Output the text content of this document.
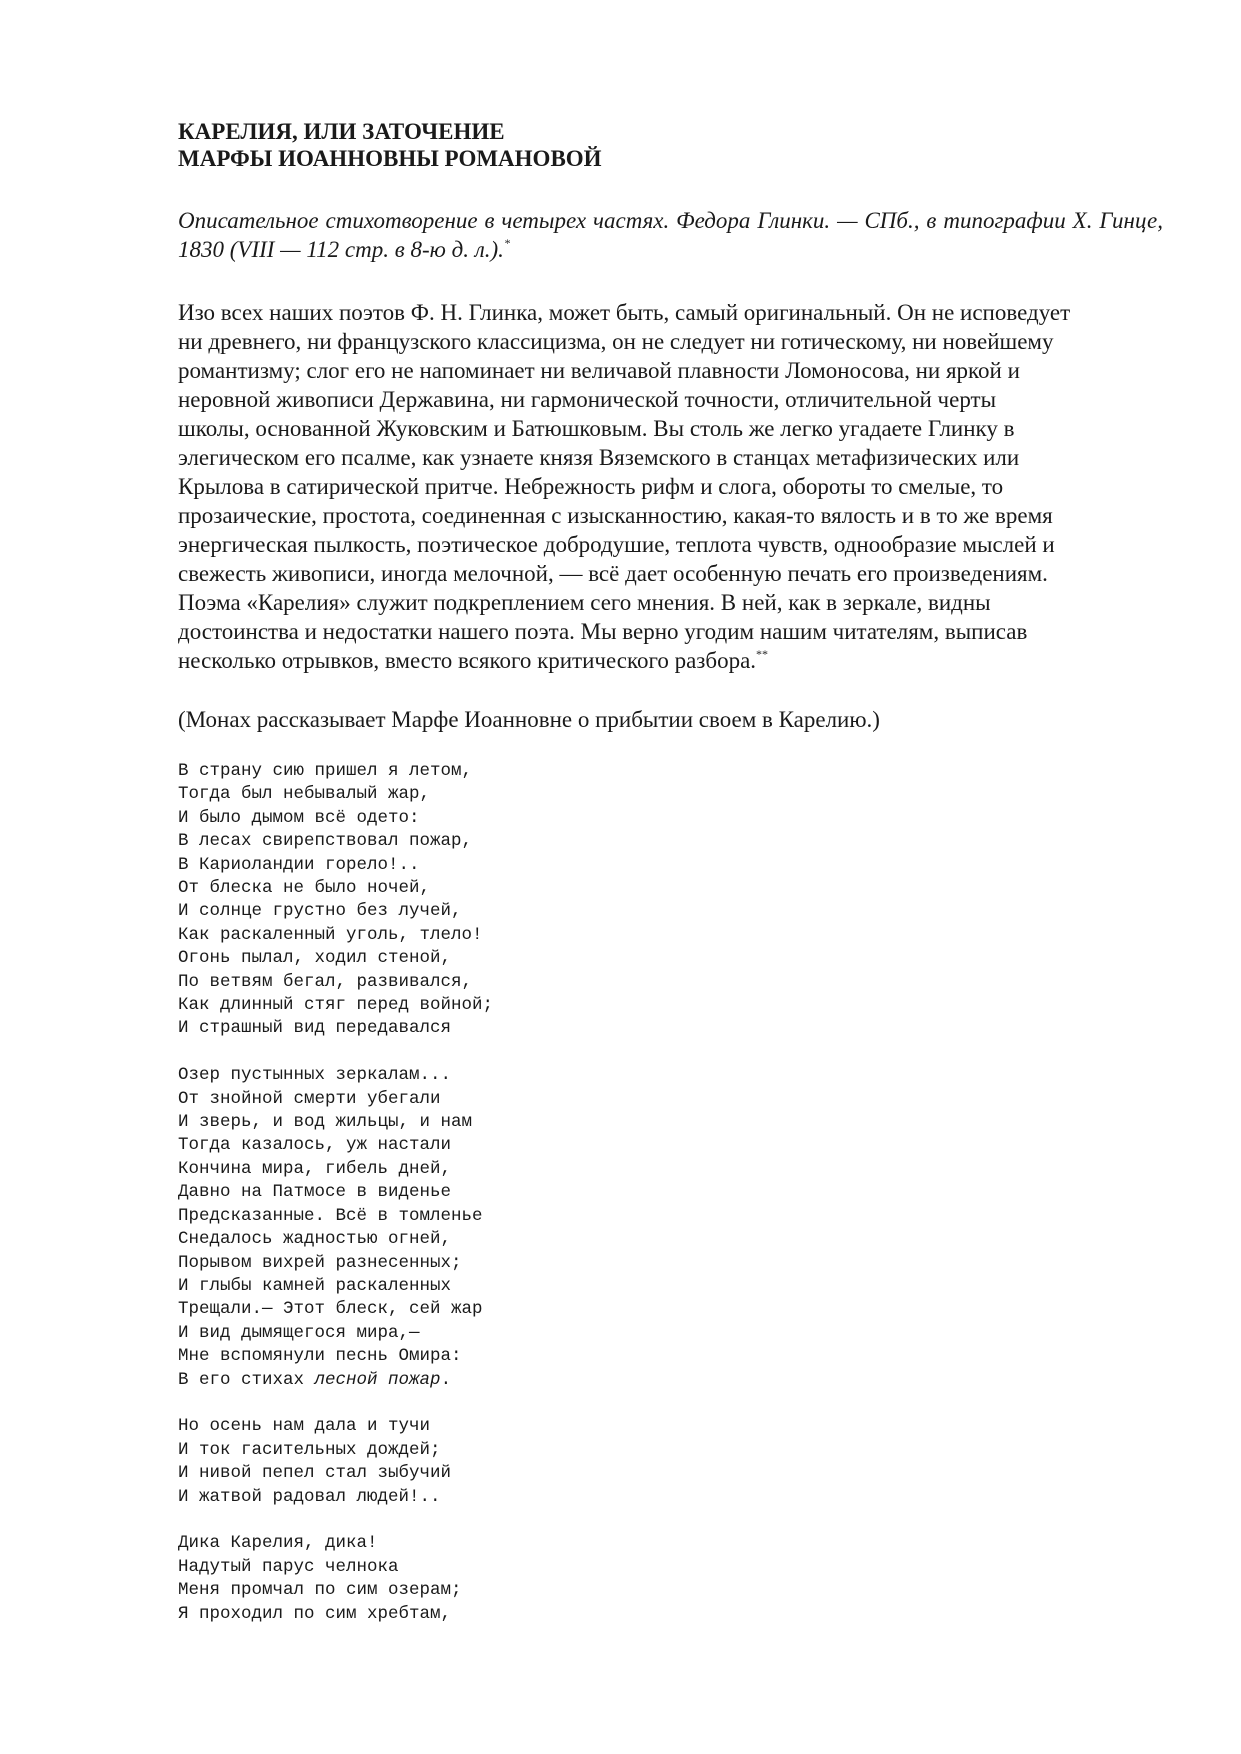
КАРЕЛИЯ, ИЛИ ЗАТОЧЕНИЕ
МАРФЫ ИОАННОВНЫ РОМАНОВОЙ

Описательное стихотворение в четырех частях. Федора Глинки. — СПб., в типографии Х. Гинце, 1830 (VIII — 112 стр. в 8-ю д. л.).*

Изо всех наших поэтов Ф. Н. Глинка, может быть, самый оригинальный. Он не исповедует
ни древнего, ни французского классицизма, он не следует ни готическому, ни новейшему
романтизму; слог его не напоминает ни величавой плавности Ломоносова, ни яркой и
неровной живописи Державина, ни гармонической точности, отличительной черты
школы, основанной Жуковским и Батюшковым. Вы столь же легко угадаете Глинку в
элегическом его псалме, как узнаете князя Вяземского в станцах метафизических или
Крылова в сатирической притче. Небрежность рифм и слога, обороты то смелые, то
прозаические, простота, соединенная с изысканностию, какая-то вялость и в то же время
энергическая пылкость, поэтическое добродушие, теплота чувств, однообразие мыслей и
свежесть живописи, иногда мелочной, — всё дает особенную печать его произведениям.
Поэма «Карелия» служит подкреплением сего мнения. В ней, как в зеркале, видны
достоинства и недостатки нашего поэта. Мы верно угодим нашим читателям, выписав
несколько отрывков, вместо всякого критического разбора.**

(Монах рассказывает Марфе Иоанновне о прибытии своем в Карелию.)

В страну сию пришел я летом,
Тогда был небывалый жар,
И было дымом всё одето:
В лесах свирепствовал пожар,
В Кариоландии горело!..
От блеска не было ночей,
И солнце грустно без лучей,
Как раскаленный уголь, тлело!
Огонь пылал, ходил стеной,
По ветвям бегал, развивался,
Как длинный стяг перед войной;
И страшный вид передавался
Озер пустынных зеркалам...
От знойной смерти убегали
И зверь, и вод жильцы, и нам
Тогда казалось, уж настали
Кончина мира, гибель дней,
Давно на Патмосе в виденье
Предсказанные. Всё в томленье
Снедалось жадностью огней,
Порывом вихрей разнесенных;
И глыбы камней раскаленных
Трещали.— Этот блеск, сей жар
И вид дымящегося мира,—
Мне вспомянули песнь Омира:
В его стихах лесной пожар.
Но осень нам дала и тучи
И ток гасительных дождей;
И нивой пепел стал зыбучий
И жатвой радовал людей!..
Дика Карелия, дика!
Надутый парус челнока
Меня промчал по сим озерам;
Я проходил по сим хребтам,
